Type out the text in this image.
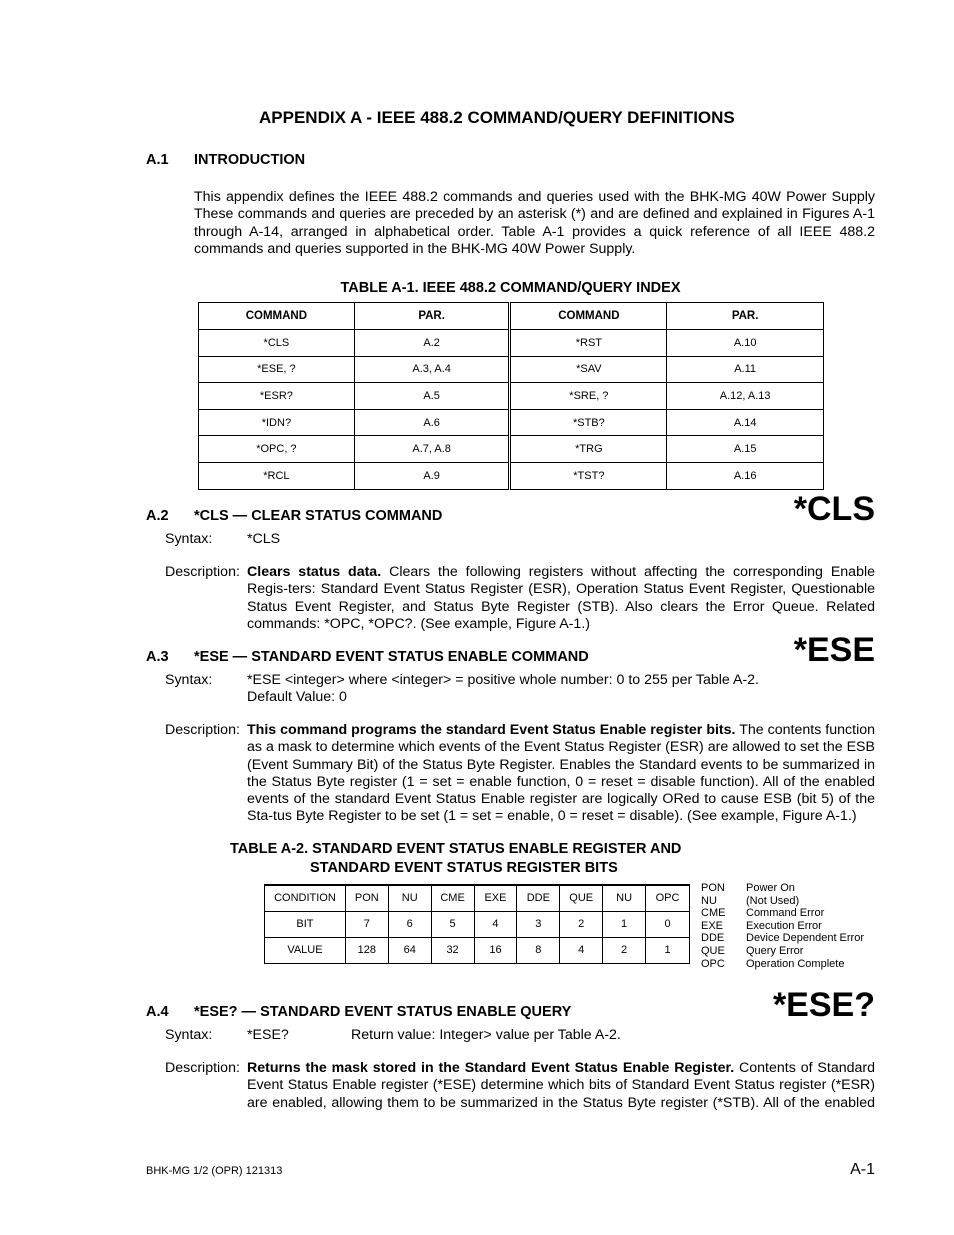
APPENDIX A - IEEE 488.2 COMMAND/QUERY DEFINITIONS
A.1 INTRODUCTION
This appendix defines the IEEE 488.2 commands and queries used with the BHK-MG 40W Power Supply These commands and queries are preceded by an asterisk (*) and are defined and explained in Figures A-1 through A-14, arranged in alphabetical order. Table A-1 provides a quick reference of all IEEE 488.2 commands and queries supported in the BHK-MG 40W Power Supply.
TABLE A-1. IEEE 488.2 COMMAND/QUERY INDEX
COMMAND	PAR.	COMMAND	PAR.
*CLS	A.2	*RST	A.10
*ESE, ?	A.3, A.4	*SAV	A.11
*ESR?	A.5	*SRE, ?	A.12, A.13
*IDN?	A.6	*STB?	A.14
*OPC, ?	A.7, A.8	*TRG	A.15
*RCL	A.9	*TST?	A.16
*CLS
A.2 *CLS — CLEAR STATUS COMMAND
Syntax: *CLS
Description: Clears status data. Clears the following registers without affecting the corresponding Enable Regis-ters: Standard Event Status Register (ESR), Operation Status Event Register, Questionable Status Event Register, and Status Byte Register (STB). Also clears the Error Queue. Related commands: *OPC, *OPC?. (See example, Figure A-1.)
*ESE
A.3 *ESE — STANDARD EVENT STATUS ENABLE COMMAND
Syntax: *ESE <integer> where <integer> = positive whole number: 0 to 255 per Table A-2.
Default Value: 0
Description: This command programs the standard Event Status Enable register bits. The contents function as a mask to determine which events of the Event Status Register (ESR) are allowed to set the ESB (Event Summary Bit) of the Status Byte Register. Enables the Standard events to be summarized in the Status Byte register (1 = set = enable function, 0 = reset = disable function). All of the enabled events of the standard Event Status Enable register are logically ORed to cause ESB (bit 5) of the Sta-tus Byte Register to be set (1 = set = enable, 0 = reset = disable). (See example, Figure A-1.)
TABLE A-2. STANDARD EVENT STATUS ENABLE REGISTER AND
STANDARD EVENT STATUS REGISTER BITS
CONDITION	PON	NU	CME	EXE	DDE	QUE	NU	OPC
BIT	7	6	5	4	3	2	1	0
VALUE	128	64	32	16	8	4	2	1
PON	Power On
NU	(Not Used)
CME	Command Error
EXE	Execution Error
DDE	Device Dependent Error
QUE	Query Error
OPC	Operation Complete
*ESE?
A.4 *ESE? — STANDARD EVENT STATUS ENABLE QUERY
Syntax: *ESE?	Return value: Integer> value per Table A-2.
Description: Returns the mask stored in the Standard Event Status Enable Register. Contents of Standard Event Status Enable register (*ESE) determine which bits of Standard Event Status register (*ESR) are enabled, allowing them to be summarized in the Status Byte register (*STB). All of the enabled
BHK-MG 1/2 (OPR) 121313	A-1
